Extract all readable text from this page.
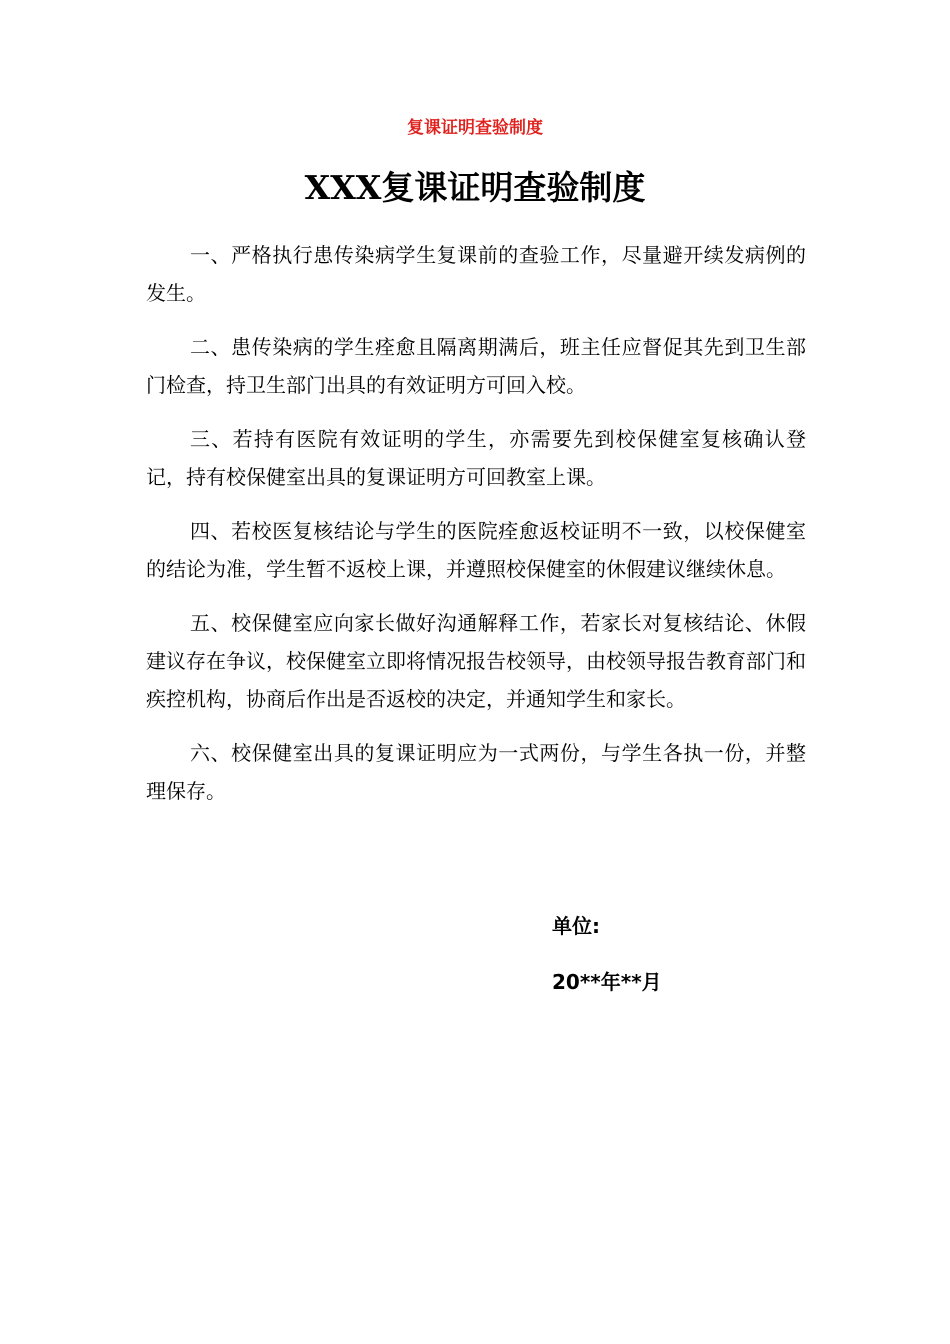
复课证明查验制度
XXX复课证明查验制度

一、严格执行患传染病学生复课前的查验工作，尽量避开续发病例的发生。

二、患传染病的学生痊愈且隔离期满后，班主任应督促其先到卫生部门检查，持卫生部门出具的有效证明方可回入校。

三、若持有医院有效证明的学生，亦需要先到校保健室复核确认登记，持有校保健室出具的复课证明方可回教室上课。

四、若校医复核结论与学生的医院痊愈返校证明不一致，以校保健室的结论为准，学生暂不返校上课，并遵照校保健室的休假建议继续休息。

五、校保健室应向家长做好沟通解释工作，若家长对复核结论、休假建议存在争议，校保健室立即将情况报告校领导，由校领导报告教育部门和疾控机构，协商后作出是否返校的决定，并通知学生和家长。

六、校保健室出具的复课证明应为一式两份，与学生各执一份，并整理保存。

单位:
20**年**月
